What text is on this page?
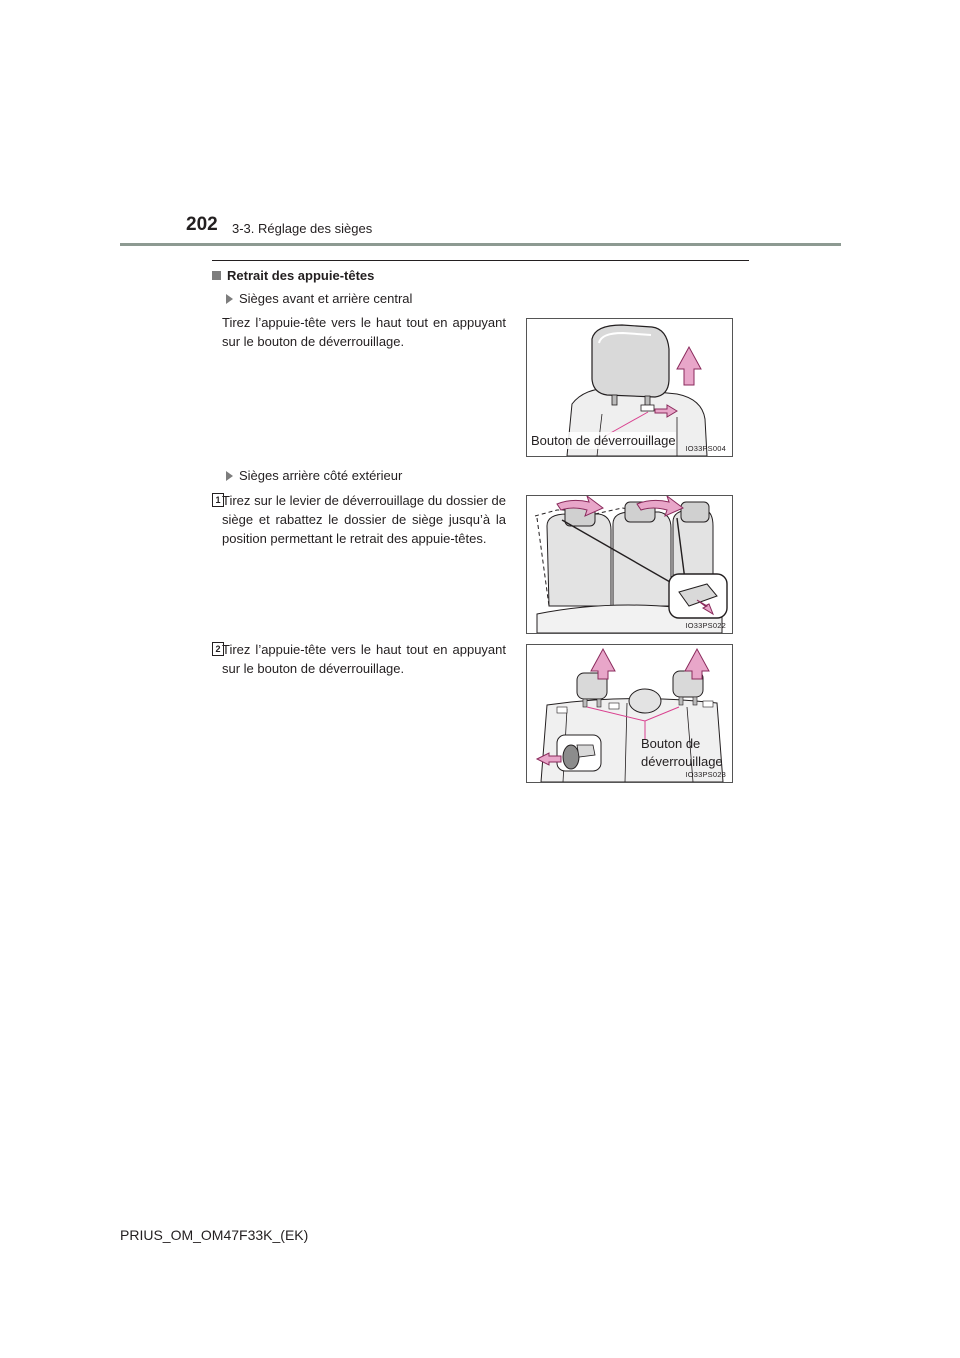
202 3-3. Réglage des sièges
Retrait des appuie-têtes
Sièges avant et arrière central
Tirez l’appuie-tête vers le haut tout en appuyant sur le bouton de déverrouillage.
Bouton de déverrouillage
IO33PS004
Sièges arrière côté extérieur
1 Tirez sur le levier de déverrouillage du dossier de siège et rabattez le dossier de siège jusqu’à la position permettant le retrait des appuie-têtes.
IO33PS022
2 Tirez l’appuie-tête vers le haut tout en appuyant sur le bouton de déverrouillage.
Bouton de
déverrouillage
IO33PS023
PRIUS_OM_OM47F33K_(EK)
